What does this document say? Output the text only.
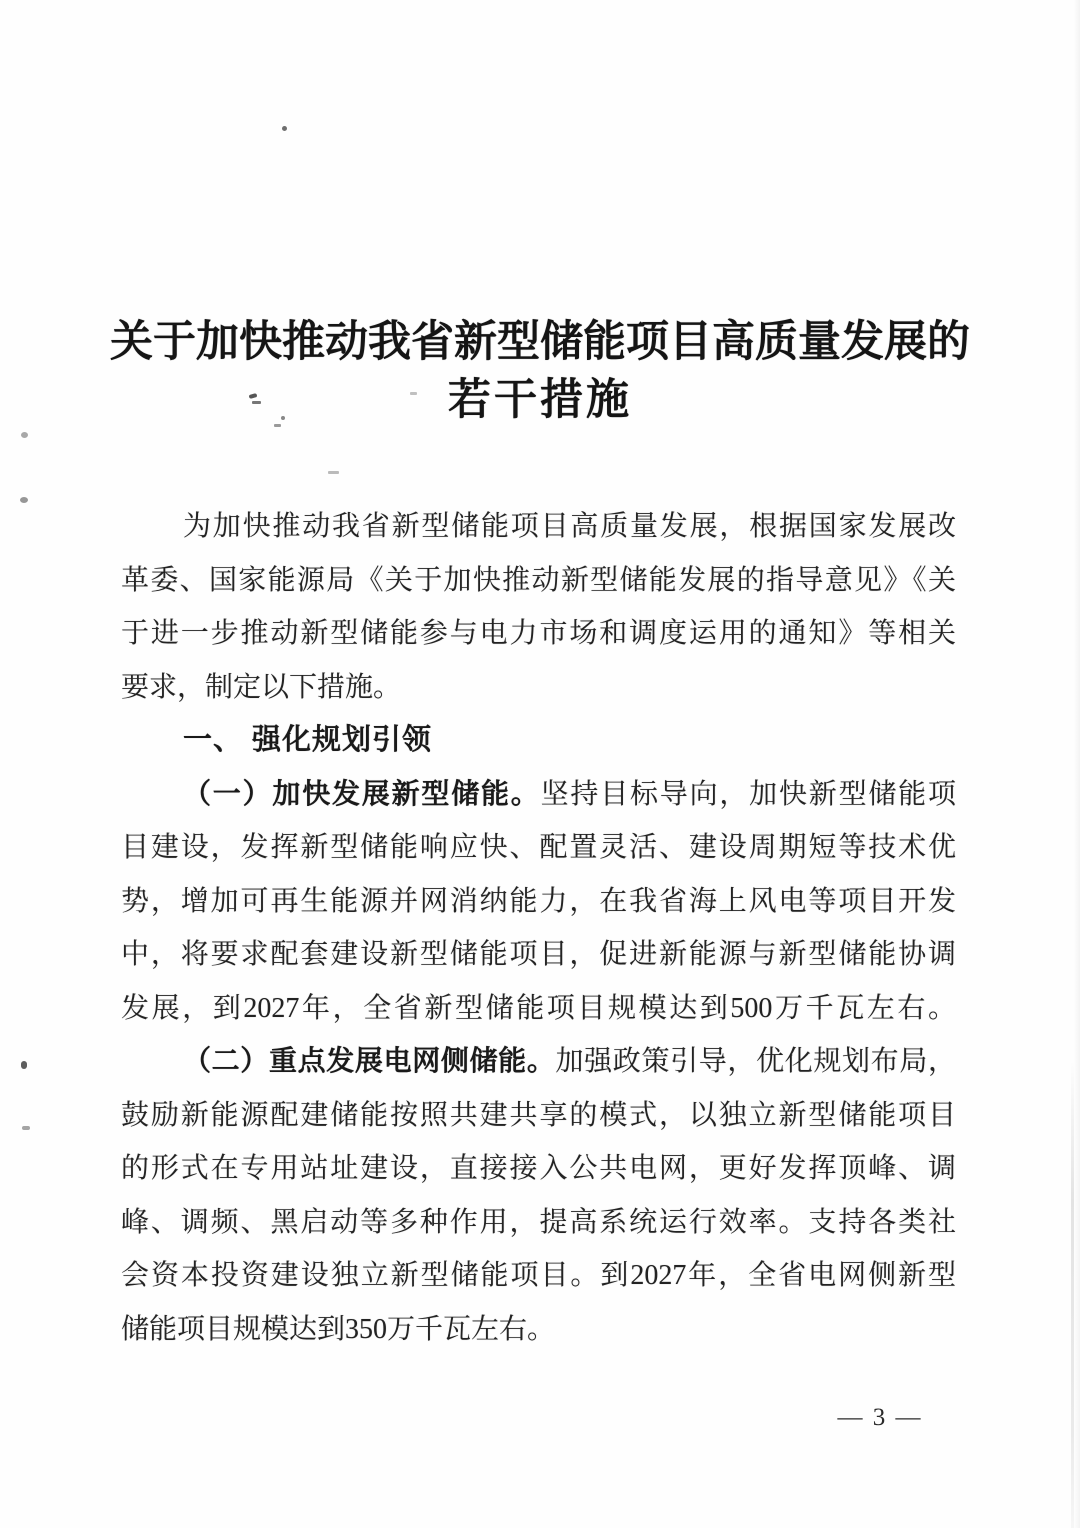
关于加快推动我省新型储能项目高质量发展的
若干措施
为加快推动我省新型储能项目高质量发展，根据国家发展改
革委、国家能源局《关于加快推动新型储能发展的指导意见》《关
于进一步推动新型储能参与电力市场和调度运用的通知》等相关
要求，制定以下措施。
一、 强化规划引领
（一）加快发展新型储能。坚持目标导向，加快新型储能项
目建设，发挥新型储能响应快、配置灵活、建设周期短等技术优
势，增加可再生能源并网消纳能力，在我省海上风电等项目开发
中，将要求配套建设新型储能项目，促进新能源与新型储能协调
发展，到2027年，全省新型储能项目规模达到500万千瓦左右。
（二）重点发展电网侧储能。加强政策引导，优化规划布局，
鼓励新能源配建储能按照共建共享的模式，以独立新型储能项目
的形式在专用站址建设，直接接入公共电网，更好发挥顶峰、调
峰、调频、黑启动等多种作用，提高系统运行效率。支持各类社
会资本投资建设独立新型储能项目。到2027年，全省电网侧新型
储能项目规模达到350万千瓦左右。
— 3 —
